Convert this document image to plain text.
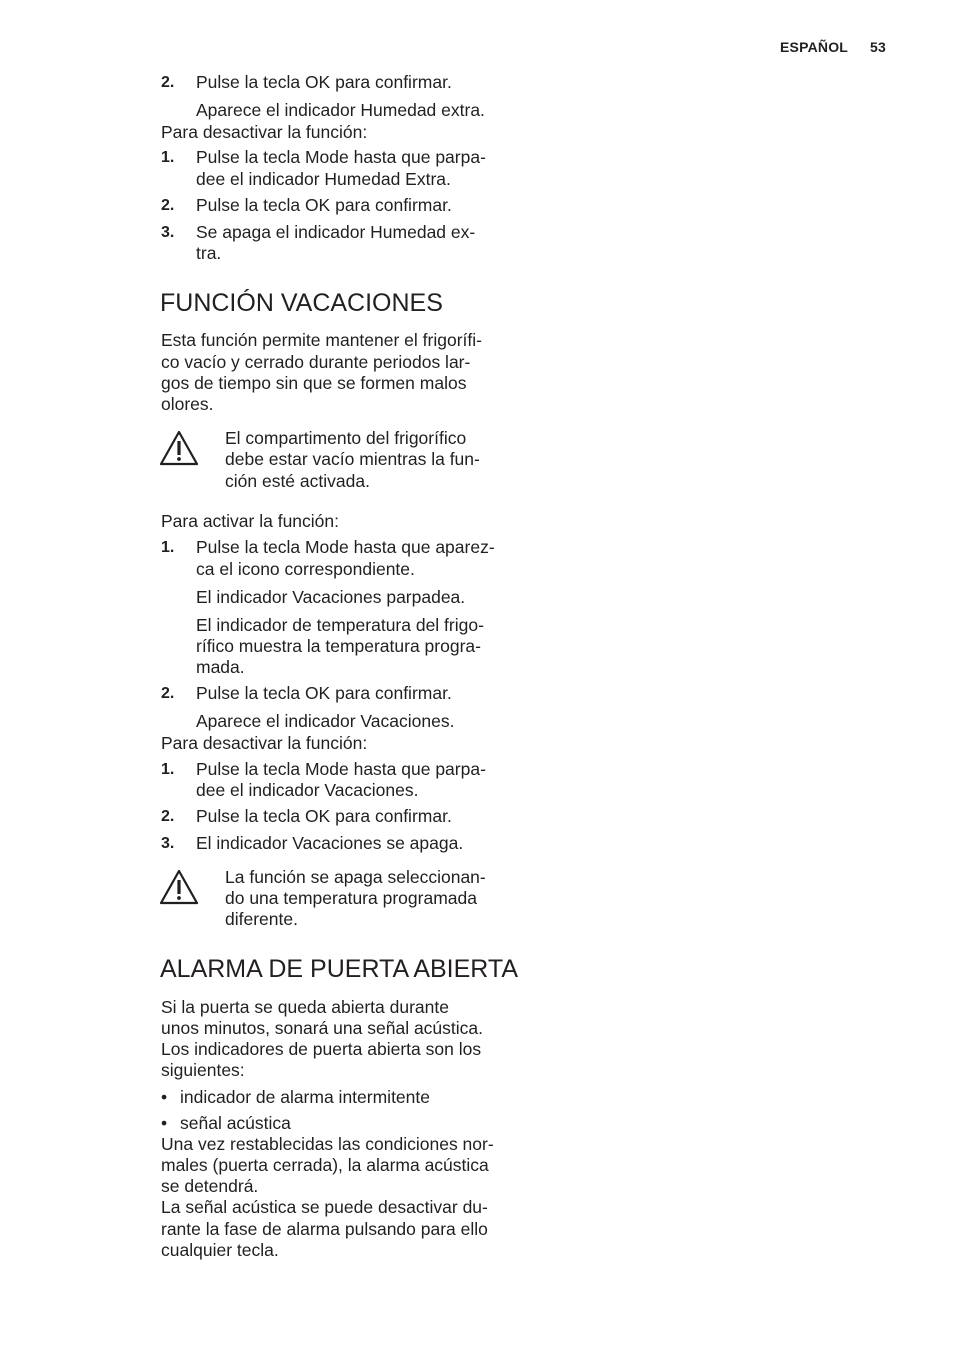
ESPAÑOL 53
2. Pulse la tecla OK para confirmar.
Aparece el indicador Humedad extra.
Para desactivar la función:
1. Pulse la tecla Mode hasta que parpa-
dee el indicador Humedad Extra.
2. Pulse la tecla OK para confirmar.
3. Se apaga el indicador Humedad ex-
tra.
FUNCIÓN VACACIONES
Esta función permite mantener el frigorífi-
co vacío y cerrado durante periodos lar-
gos de tiempo sin que se formen malos
olores.
El compartimento del frigorífico
debe estar vacío mientras la fun-
ción esté activada.
Para activar la función:
1. Pulse la tecla Mode hasta que aparez-
ca el icono correspondiente.
El indicador Vacaciones parpadea.
El indicador de temperatura del frigo-
rífico muestra la temperatura progra-
mada.
2. Pulse la tecla OK para confirmar.
Aparece el indicador Vacaciones.
Para desactivar la función:
1. Pulse la tecla Mode hasta que parpa-
dee el indicador Vacaciones.
2. Pulse la tecla OK para confirmar.
3. El indicador Vacaciones se apaga.
La función se apaga seleccionan-
do una temperatura programada
diferente.
ALARMA DE PUERTA ABIERTA
Si la puerta se queda abierta durante
unos minutos, sonará una señal acústica.
Los indicadores de puerta abierta son los
siguientes:
• indicador de alarma intermitente
• señal acústica
Una vez restablecidas las condiciones nor-
males (puerta cerrada), la alarma acústica
se detendrá.
La señal acústica se puede desactivar du-
rante la fase de alarma pulsando para ello
cualquier tecla.
